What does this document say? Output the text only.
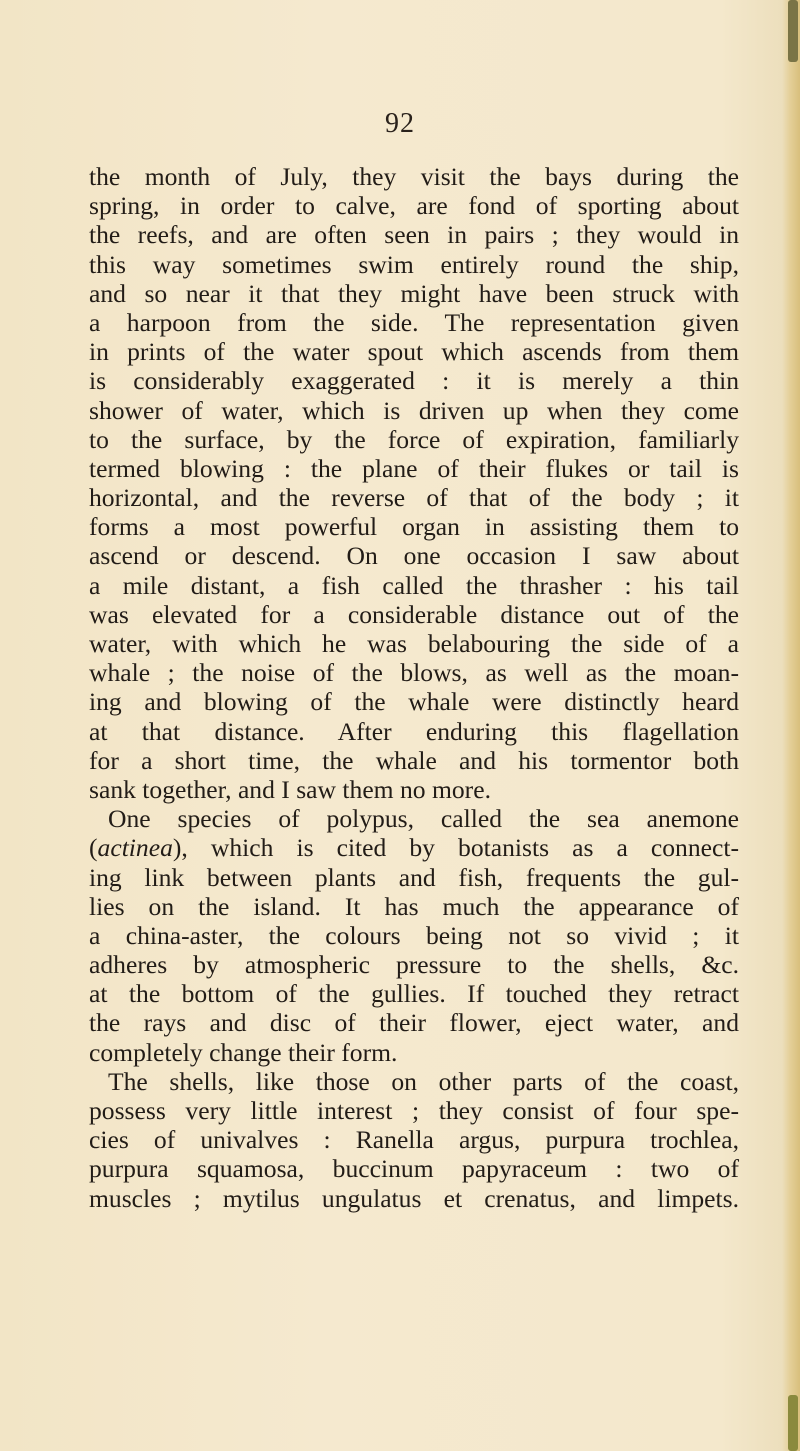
92
the month of July, they visit the bays during the
spring, in order to calve, are fond of sporting about
the reefs, and are often seen in pairs ; they would in
this way sometimes swim entirely round the ship,
and so near it that they might have been struck with
a harpoon from the side. The representation given
in prints of the water spout which ascends from them
is considerably exaggerated : it is merely a thin
shower of water, which is driven up when they come
to the surface, by the force of expiration, familiarly
termed blowing : the plane of their flukes or tail is
horizontal, and the reverse of that of the body ; it
forms a most powerful organ in assisting them to
ascend or descend. On one occasion I saw about
a mile distant, a fish called the thrasher : his tail
was elevated for a considerable distance out of the
water, with which he was belabouring the side of a
whale ; the noise of the blows, as well as the moan-
ing and blowing of the whale were distinctly heard
at that distance. After enduring this flagellation
for a short time, the whale and his tormentor both
sank together, and I saw them no more.
One species of polypus, called the sea anemone
(actinea), which is cited by botanists as a connect-
ing link between plants and fish, frequents the gul-
lies on the island. It has much the appearance of
a china-aster, the colours being not so vivid ; it
adheres by atmospheric pressure to the shells, &c.
at the bottom of the gullies. If touched they retract
the rays and disc of their flower, eject water, and
completely change their form.
The shells, like those on other parts of the coast,
possess very little interest ; they consist of four spe-
cies of univalves : Ranella argus, purpura trochlea,
purpura squamosa, buccinum papyraceum : two of
muscles ; mytilus ungulatus et crenatus, and limpets.
